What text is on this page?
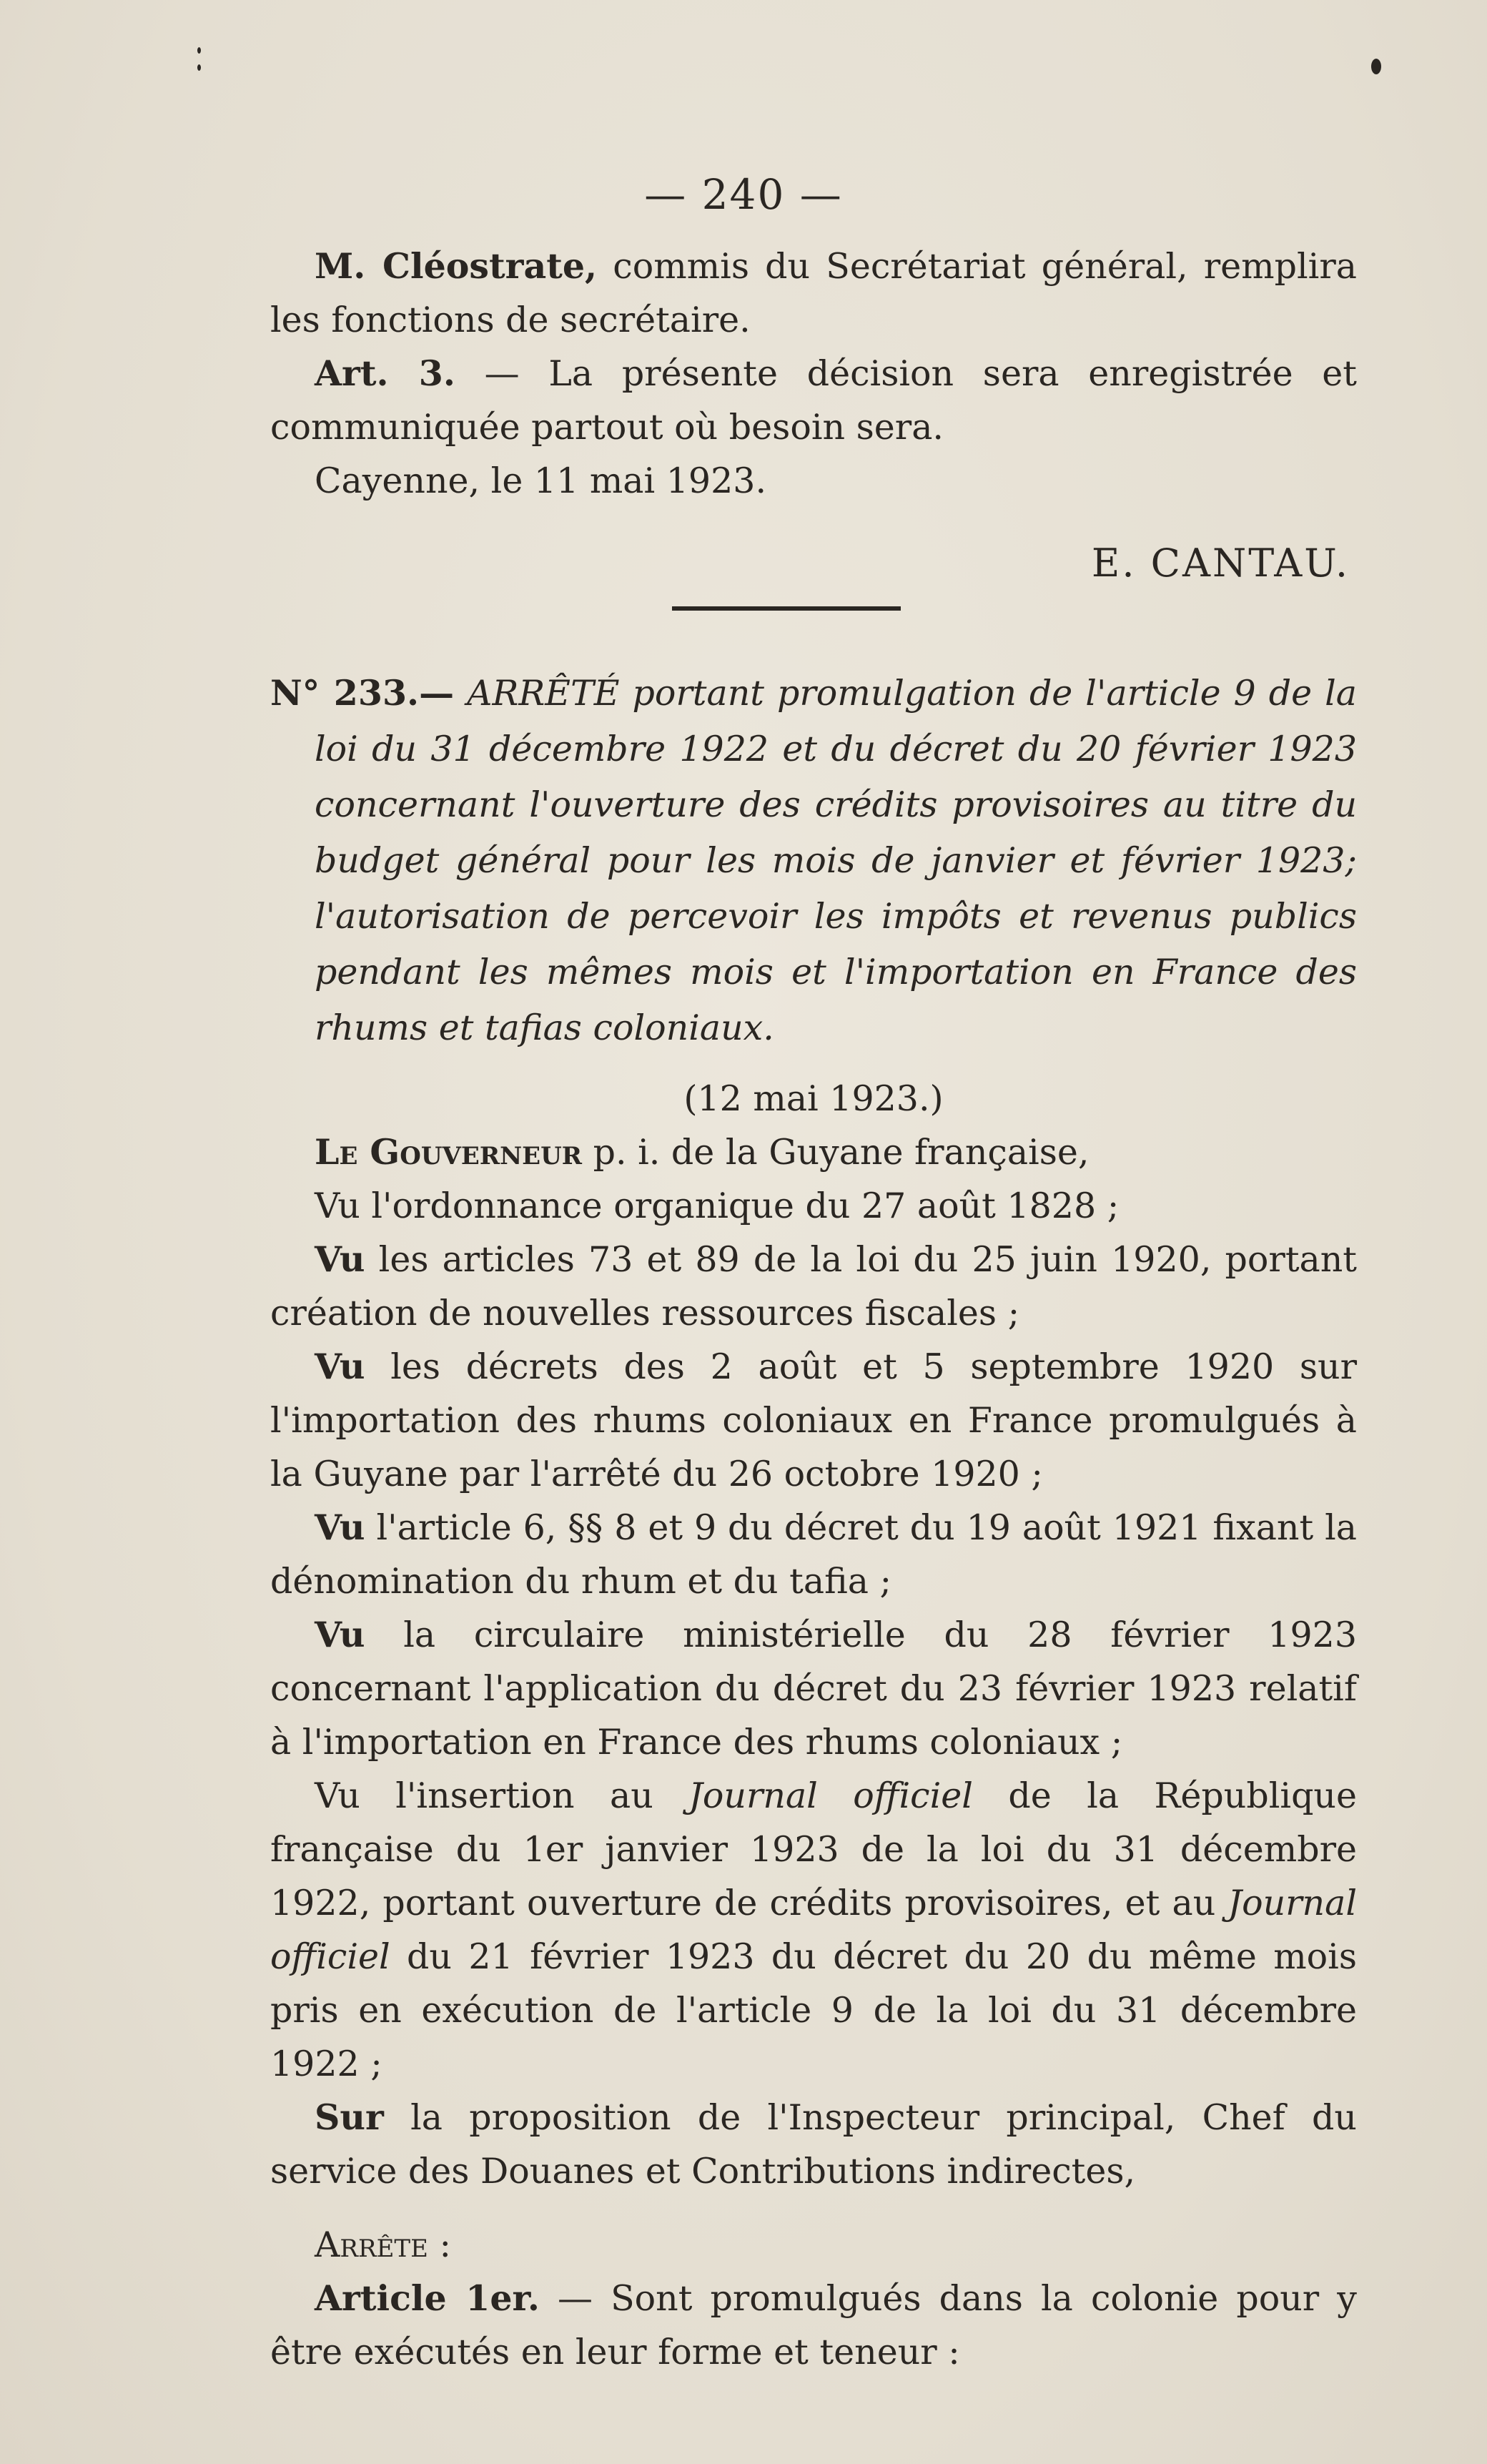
— 240 —

M. Cléostrate, commis du Secrétariat général, remplira les fonctions de secrétaire.

Art. 3. — La présente décision sera enregistrée et communiquée partout où besoin sera.

Cayenne, le 11 mai 1923.

E. CANTAU.

N° 233.— ARRÊTÉ portant promulgation de l'article 9 de la loi du 31 décembre 1922 et du décret du 20 février 1923 concernant l'ouverture des crédits provisoires au titre du budget général pour les mois de janvier et février 1923; l'autorisation de percevoir les impôts et revenus publics pendant les mêmes mois et l'importation en France des rhums et tafias coloniaux.

(12 mai 1923.)

Le Gouverneur p. i. de la Guyane française,

Vu l'ordonnance organique du 27 août 1828 ;

Vu les articles 73 et 89 de la loi du 25 juin 1920, portant création de nouvelles ressources fiscales ;

Vu les décrets des 2 août et 5 septembre 1920 sur l'importation des rhums coloniaux en France promulgués à la Guyane par l'arrêté du 26 octobre 1920 ;

Vu l'article 6, §§ 8 et 9 du décret du 19 août 1921 fixant la dénomination du rhum et du tafia ;

Vu la circulaire ministérielle du 28 février 1923 concernant l'application du décret du 23 février 1923 relatif à l'importation en France des rhums coloniaux ;

Vu l'insertion au Journal officiel de la République française du 1er janvier 1923 de la loi du 31 décembre 1922, portant ouverture de crédits provisoires, et au Journal officiel du 21 février 1923 du décret du 20 du même mois pris en exécution de l'article 9 de la loi du 31 décembre 1922 ;

Sur la proposition de l'Inspecteur principal, Chef du service des Douanes et Contributions indirectes,

Arrête :

Article 1er. — Sont promulgués dans la colonie pour y être exécutés en leur forme et teneur :
